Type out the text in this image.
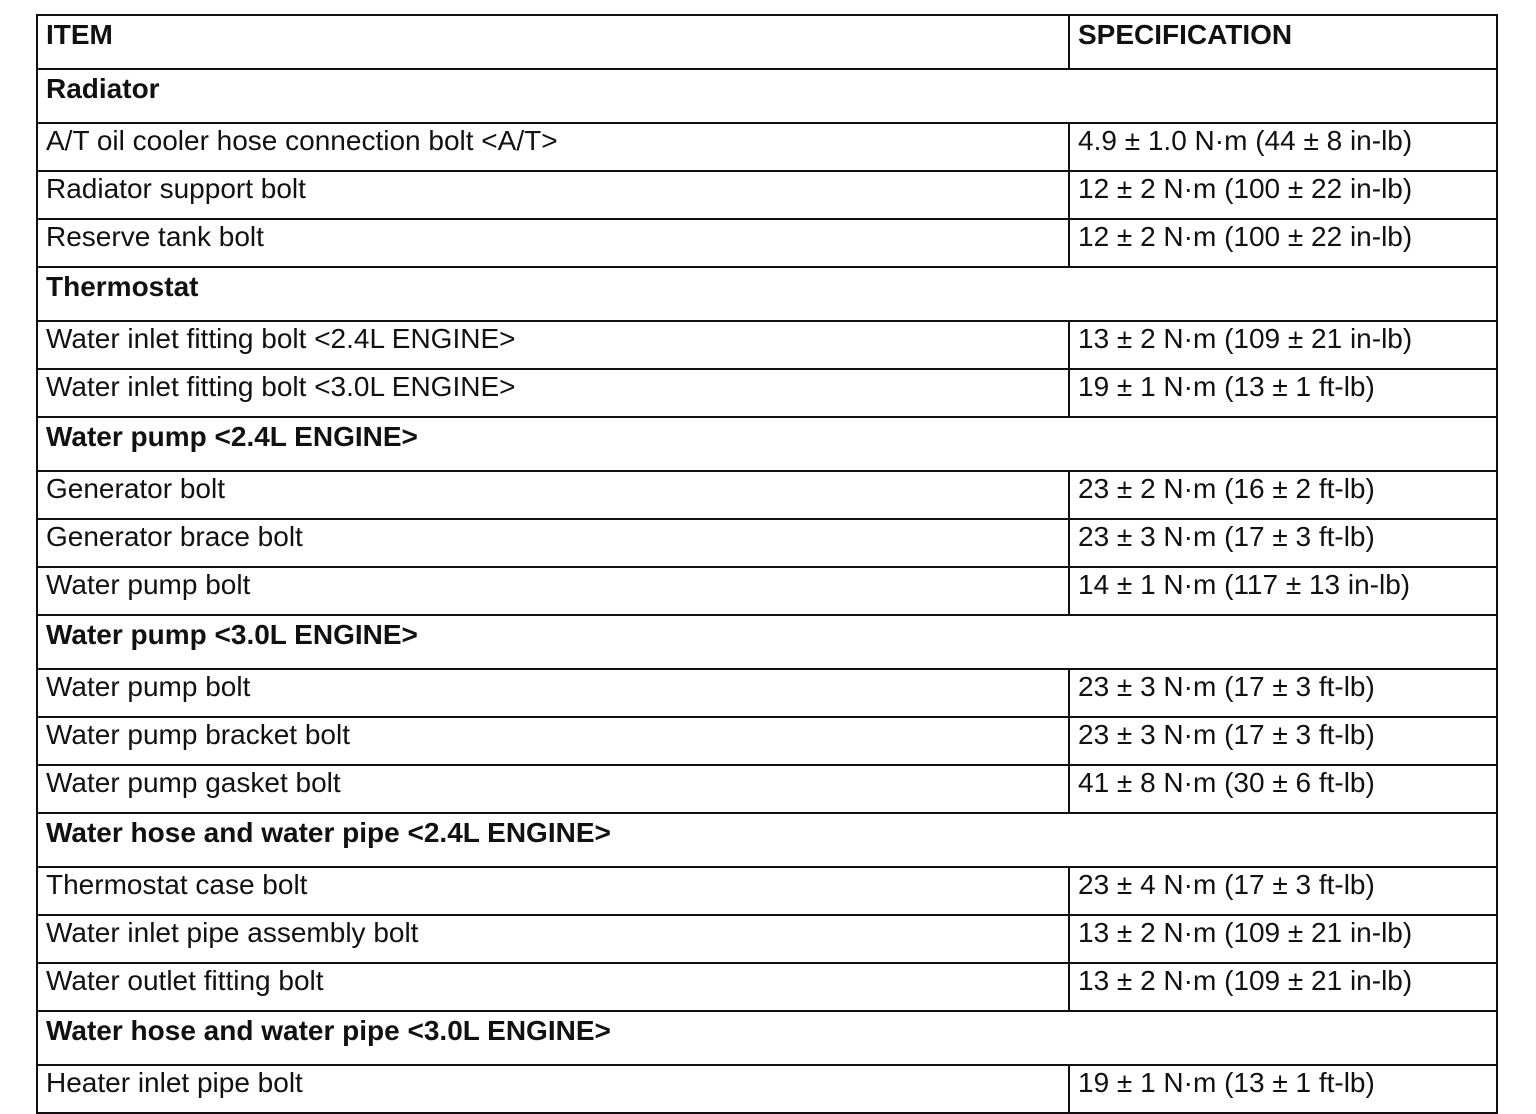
ITEM	SPECIFICATION
Radiator	
A/T oil cooler hose connection bolt <A/T>	4.9 ± 1.0 N·m (44 ± 8 in-lb)
Radiator support bolt	12 ± 2 N·m (100 ± 22 in-lb)
Reserve tank bolt	12 ± 2 N·m (100 ± 22 in-lb)
Thermostat	
Water inlet fitting bolt <2.4L ENGINE>	13 ± 2 N·m (109 ± 21 in-lb)
Water inlet fitting bolt <3.0L ENGINE>	19 ± 1 N·m (13 ± 1 ft-lb)
Water pump <2.4L ENGINE>	
Generator bolt	23 ± 2 N·m (16 ± 2 ft-lb)
Generator brace bolt	23 ± 3 N·m (17 ± 3 ft-lb)
Water pump bolt	14 ± 1 N·m (117 ± 13 in-lb)
Water pump <3.0L ENGINE>	
Water pump bolt	23 ± 3 N·m (17 ± 3 ft-lb)
Water pump bracket bolt	23 ± 3 N·m (17 ± 3 ft-lb)
Water pump gasket bolt	41 ± 8 N·m (30 ± 6 ft-lb)
Water hose and water pipe <2.4L ENGINE>	
Thermostat case bolt	23 ± 4 N·m (17 ± 3 ft-lb)
Water inlet pipe assembly bolt	13 ± 2 N·m (109 ± 21 in-lb)
Water outlet fitting bolt	13 ± 2 N·m (109 ± 21 in-lb)
Water hose and water pipe <3.0L ENGINE>	
Heater inlet pipe bolt	19 ± 1 N·m (13 ± 1 ft-lb)
